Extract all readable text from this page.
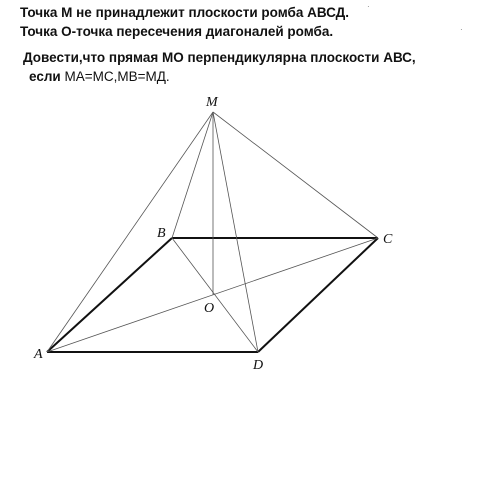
Точка М не принадлежит плоскости ромба АВСД.

Точка О-точка пересечения диагоналей ромба.

Довести,что прямая МО перпендикулярна плоскости АВС,

если MA=MC,MB=MД.

M
B	C
O
A
D
·
·
